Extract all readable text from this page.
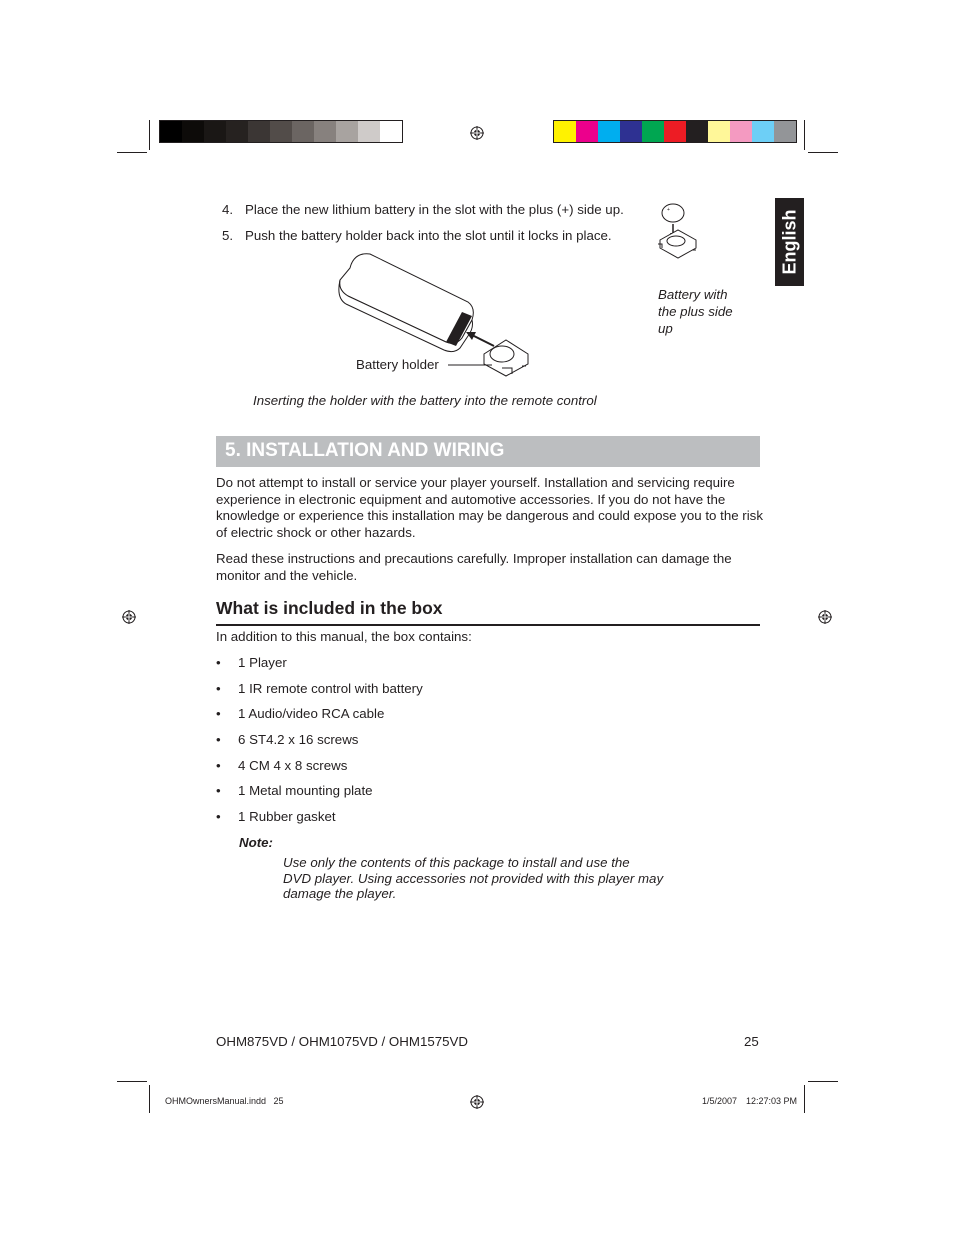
English
4. Place the new lithium battery in the slot with the plus (+) side up.
5. Push the battery holder back into the slot until it locks in place.
+
Battery with
the plus side
up
Battery holder
Inserting the holder with the battery into the remote control
5. INSTALLATION AND WIRING
Do not attempt to install or service your player yourself. Installation and servicing require experience in electronic equipment and automotive accessories. If you do not have the knowledge or experience this installation may be dangerous and could expose you to the risk of electric shock or other hazards.
Read these instructions and precautions carefully. Improper installation can damage the monitor and the vehicle.
What is included in the box
In addition to this manual, the box contains:
• 1 Player
• 1 IR remote control with battery
• 1 Audio/video RCA cable
• 6 ST4.2 x 16 screws
• 4 CM 4 x 8 screws
• 1 Metal mounting plate
• 1 Rubber gasket
Note:
Use only the contents of this package to install and use the
DVD player. Using accessories not provided with this player may
damage the player.
OHM875VD / OHM1075VD / OHM1575VD	25
OHMOwnersManual.indd   25	1/5/2007 12:27:03 PM
